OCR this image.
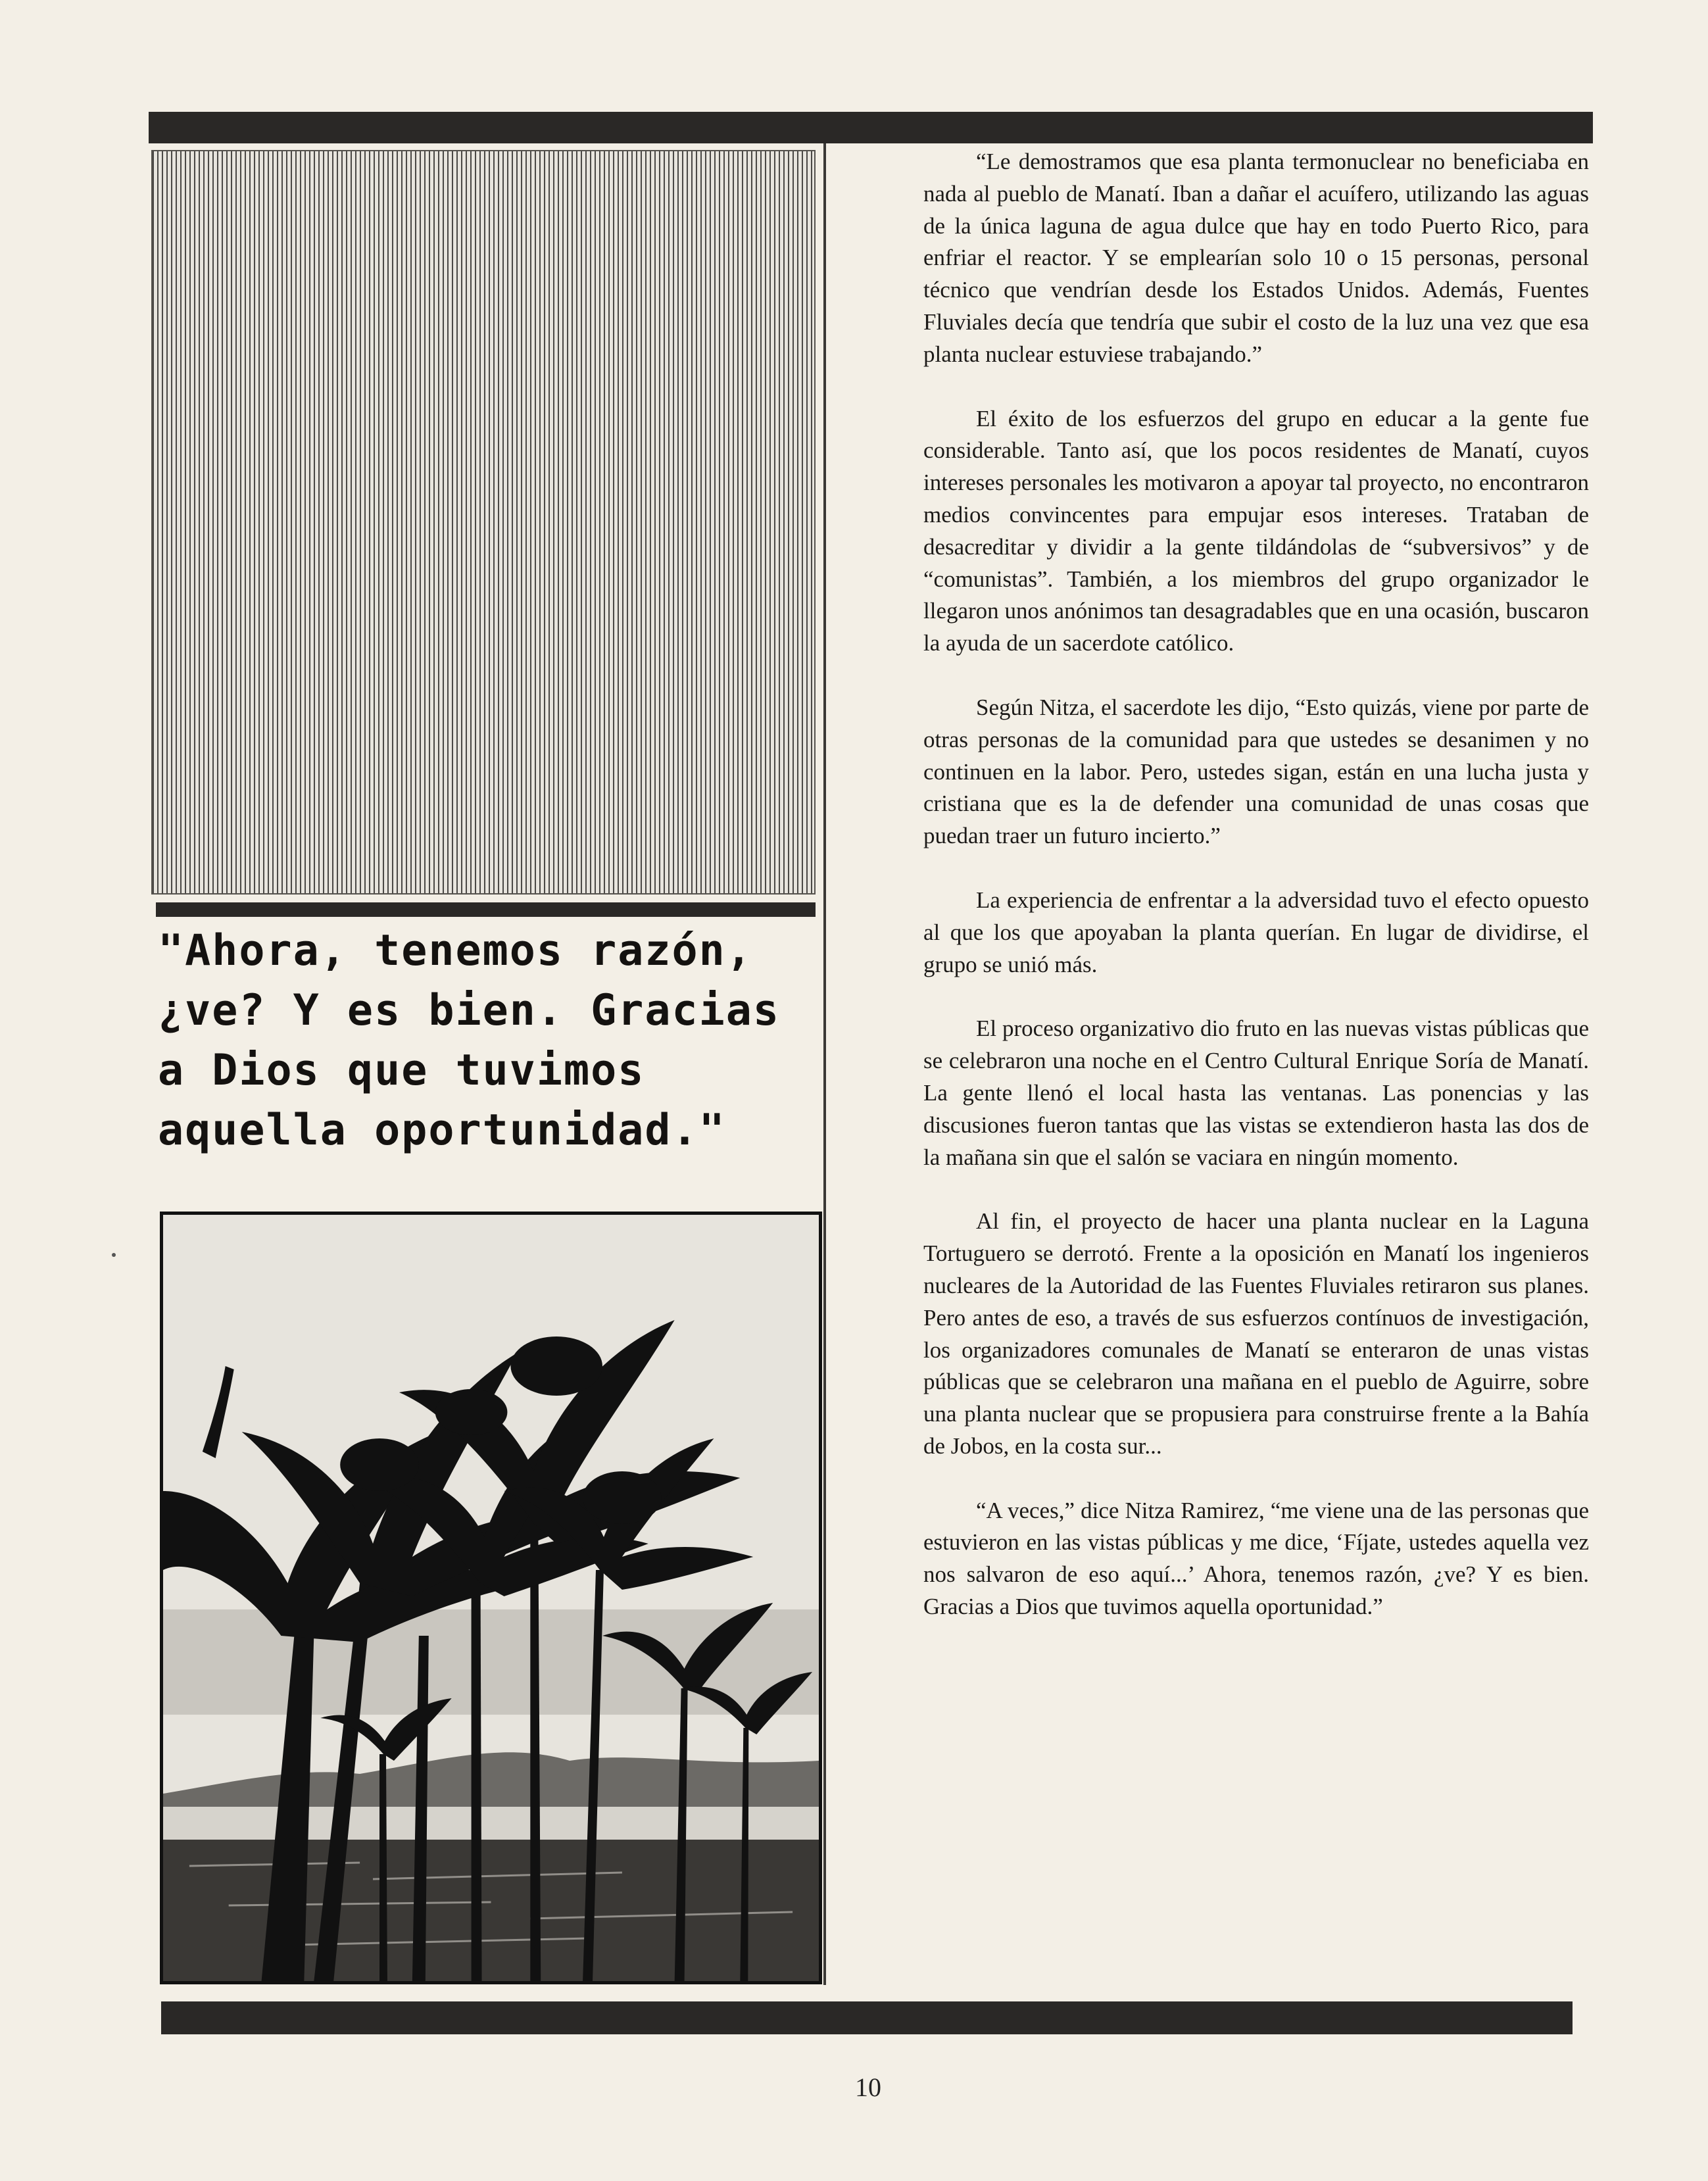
"Ahora, tenemos razón, ¿ve? Y es bien. Gracias a Dios que tuvimos aquella oportunidad."

“Le demostramos que esa planta termonuclear no beneficiaba en nada al pueblo de Manatí. Iban a dañar el acuífero, utilizando las aguas de la única laguna de agua dulce que hay en todo Puerto Rico, para enfriar el reactor. Y se emplearían solo 10 o 15 personas, personal técnico que vendrían desde los Estados Unidos. Además, Fuentes Fluviales decía que tendría que subir el costo de la luz una vez que esa planta nuclear estuviese trabajando.”

El éxito de los esfuerzos del grupo en educar a la gente fue considerable. Tanto así, que los pocos residentes de Manatí, cuyos intereses personales les motivaron a apoyar tal proyecto, no encontraron medios convincentes para empujar esos intereses. Trataban de desacreditar y dividir a la gente tildándolas de “subversivos” y de “comunistas”. También, a los miembros del grupo organizador le llegaron unos anónimos tan desagradables que en una ocasión, buscaron la ayuda de un sacerdote católico.

Según Nitza, el sacerdote les dijo, “Esto quizás, viene por parte de otras personas de la comunidad para que ustedes se desanimen y no continuen en la labor. Pero, ustedes sigan, están en una lucha justa y cristiana que es la de defender una comunidad de unas cosas que puedan traer un futuro incierto.”

La experiencia de enfrentar a la adversidad tuvo el efecto opuesto al que los que apoyaban la planta querían. En lugar de dividirse, el grupo se unió más.

El proceso organizativo dio fruto en las nuevas vistas públicas que se celebraron una noche en el Centro Cultural Enrique Soría de Manatí. La gente llenó el local hasta las ventanas. Las ponencias y las discusiones fueron tantas que las vistas se extendieron hasta las dos de la mañana sin que el salón se vaciara en ningún momento.

Al fin, el proyecto de hacer una planta nuclear en la Laguna Tortuguero se derrotó. Frente a la oposición en Manatí los ingenieros nucleares de la Autoridad de las Fuentes Fluviales retiraron sus planes. Pero antes de eso, a través de sus esfuerzos contínuos de investigación, los organizadores comunales de Manatí se enteraron de unas vistas públicas que se celebraron una mañana en el pueblo de Aguirre, sobre una planta nuclear que se propusiera para construirse frente a la Bahía de Jobos, en la costa sur...

“A veces,” dice Nitza Ramirez, “me viene una de las personas que estuvieron en las vistas públicas y me dice, ‘Fíjate, ustedes aquella vez nos salvaron de eso aquí...’ Ahora, tenemos razón, ¿ve? Y es bien. Gracias a Dios que tuvimos aquella oportunidad.”

10
